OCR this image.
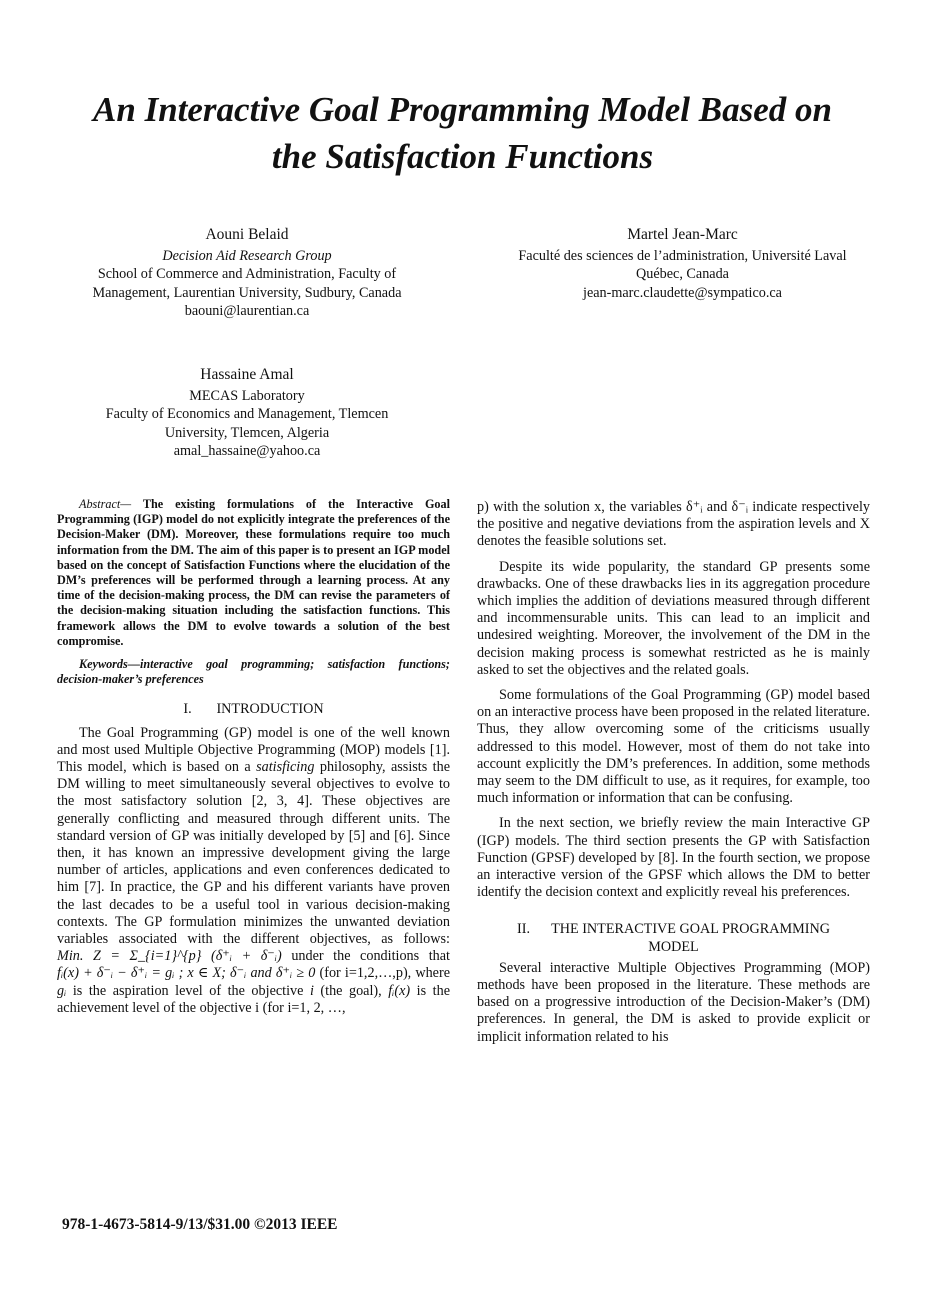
An Interactive Goal Programming Model Based on
the Satisfaction Functions
Aouni Belaid
Decision Aid Research Group
School of Commerce and Administration, Faculty of
Management, Laurentian University, Sudbury, Canada
baouni@laurentian.ca
Martel Jean-Marc
Faculté des sciences de l’administration, Université Laval
Québec, Canada
jean-marc.claudette@sympatico.ca
Hassaine Amal
MECAS Laboratory
Faculty of Economics and Management, Tlemcen
University, Tlemcen, Algeria
amal_hassaine@yahoo.ca

Abstract— The existing formulations of the Interactive Goal Programming (IGP) model do not explicitly integrate the preferences of the Decision-Maker (DM). Moreover, these formulations require too much information from the DM. The aim of this paper is to present an IGP model based on the concept of Satisfaction Functions where the elucidation of the DM’s preferences will be performed through a learning process. At any time of the decision-making process, the DM can revise the parameters of the decision-making situation including the satisfaction functions. This framework allows the DM to evolve towards a solution of the best compromise.

Keywords—interactive goal programming; satisfaction functions; decision-maker’s preferences

I.       INTRODUCTION

The Goal Programming (GP) model is one of the well known and most used Multiple Objective Programming (MOP) models [1]. This model, which is based on a satisficing philosophy, assists the DM willing to meet simultaneously several objectives to evolve to the most satisfactory solution [2, 3, 4]. These objectives are generally conflicting and measured through different units. The standard version of GP was initially developed by [5] and [6]. Since then, it has known an impressive development giving the large number of articles, applications and even conferences dedicated to him [7]. In practice, the GP and his different variants have proven the last decades to be a useful tool in various decision-making contexts. The GP formulation minimizes the unwanted deviation variables associated with the different objectives, as follows: Min. Z = Σ_{i=1}^{p} (δ⁺ᵢ + δ⁻ᵢ) under the conditions that fᵢ(x) + δ⁻ᵢ − δ⁺ᵢ = gᵢ ; x ∈ X; δ⁻ᵢ and δ⁺ᵢ ≥ 0 (for i=1,2,…,p), where gᵢ is the aspiration level of the objective i (the goal), fᵢ(x) is the achievement level of the objective i (for i=1, 2, …,

p) with the solution x, the variables δ⁺ᵢ and δ⁻ᵢ indicate respectively the positive and negative deviations from the aspiration levels and X denotes the feasible solutions set.

Despite its wide popularity, the standard GP presents some drawbacks. One of these drawbacks lies in its aggregation procedure which implies the addition of deviations measured through different and incommensurable units. This can lead to an implicit and undesired weighting. Moreover, the involvement of the DM in the decision making process is somewhat restricted as he is mainly asked to set the objectives and the related goals.

Some formulations of the Goal Programming (GP) model based on an interactive process have been proposed in the related literature. Thus, they allow overcoming some of the criticisms usually addressed to this model. However, most of them do not take into account explicitly the DM’s preferences. In addition, some methods may seem to the DM difficult to use, as it requires, for example, too much information or information that can be confusing.

In the next section, we briefly review the main Interactive GP (IGP) models. The third section presents the GP with Satisfaction Function (GPSF) developed by [8]. In the fourth section, we propose an interactive version of the GPSF which allows the DM to better identify the decision context and explicitly reveal his preferences.

II.      THE INTERACTIVE GOAL PROGRAMMING
MODEL

Several interactive Multiple Objectives Programming (MOP) methods have been proposed in the literature. These methods are based on a progressive introduction of the Decision-Maker’s (DM) preferences. In general, the DM is asked to provide explicit or implicit information related to his

978-1-4673-5814-9/13/$31.00 ©2013 IEEE
